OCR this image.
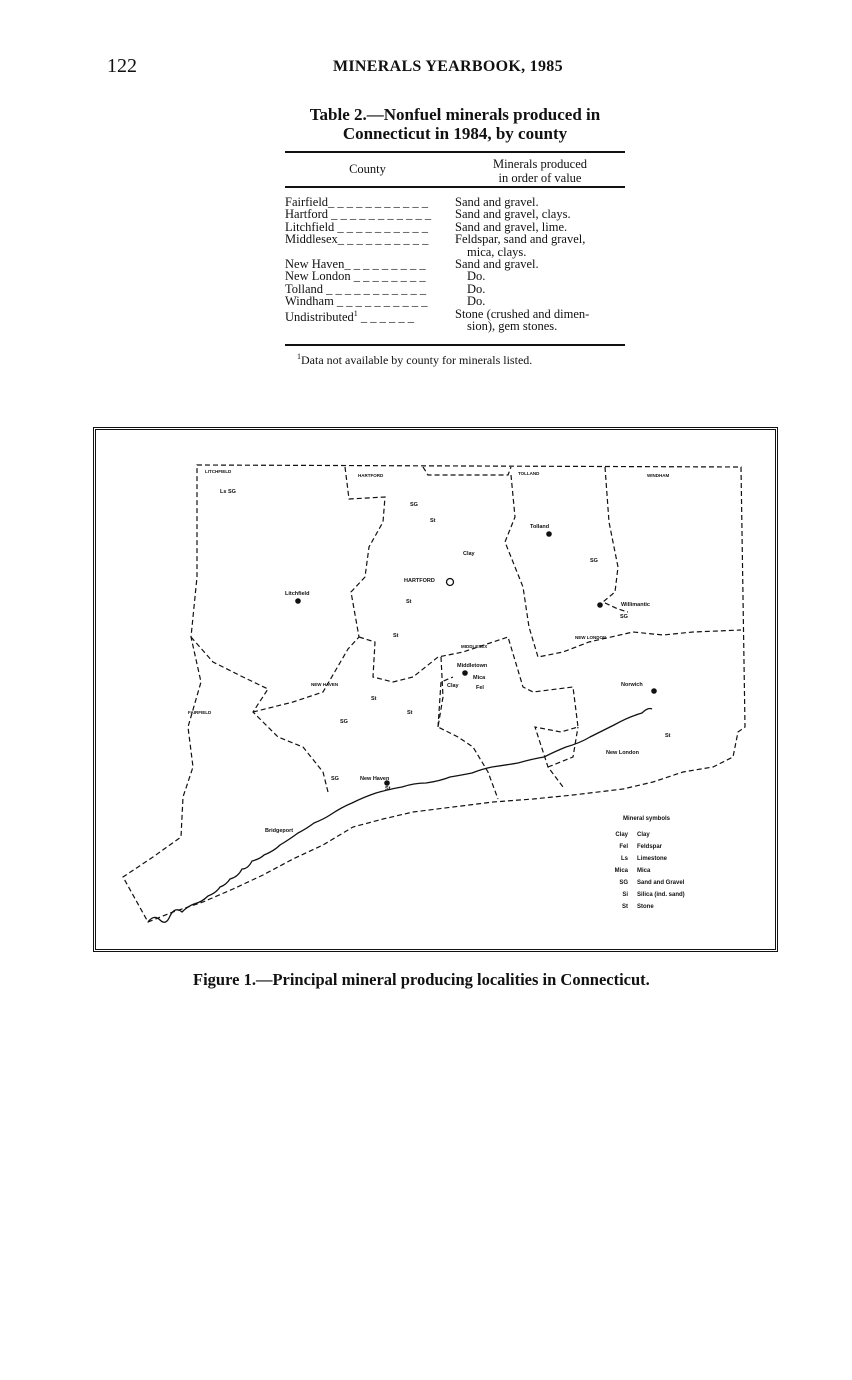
122	MINERALS YEARBOOK, 1985
Table 2.—Nonfuel minerals produced in
Connecticut in 1984, by county
County	Minerals produced
in order of value
Fairfield_ _ _ _ _ _ _ _ _ _ _	Sand and gravel.
Hartford _ _ _ _ _ _ _ _ _ _ _	Sand and gravel, clays.
Litchfield _ _ _ _ _ _ _ _ _ _	Sand and gravel, lime.
Middlesex_ _ _ _ _ _ _ _ _ _	Feldspar, sand and gravel,
mica, clays.
New Haven_ _ _ _ _ _ _ _ _	Sand and gravel.
New London _ _ _ _ _ _ _ _	Do.
Tolland _ _ _ _ _ _ _ _ _ _ _	Do.
Windham _ _ _ _ _ _ _ _ _ _	Do.
Undistributed$^1$ _ _ _ _ _ _	Stone (crushed and dimen-
sion), gem stones.
$^1$Data not available by county for minerals listed.
LITCHFIELD
HARTFORD	TOLLAND	WINDHAM
NEW LONDON
MIDDLESEX
NEW HAVEN
FAIRFIELD
Litchfield
HARTFORD
Tolland
Willimantic
Middletown
Norwich
New London
New Haven
Bridgeport
Ls SG
SG
St
Clay
St
St
SG
SG
Mica
Clay	Fel
St
SG
St
St
SG
St
Mineral symbols
Clay Clay
Fel Feldspar
Ls Limestone
Mica Mica
SG Sand and Gravel
Si Silica (ind. sand)
St Stone
Figure 1.—Principal mineral producing localities in Connecticut.
